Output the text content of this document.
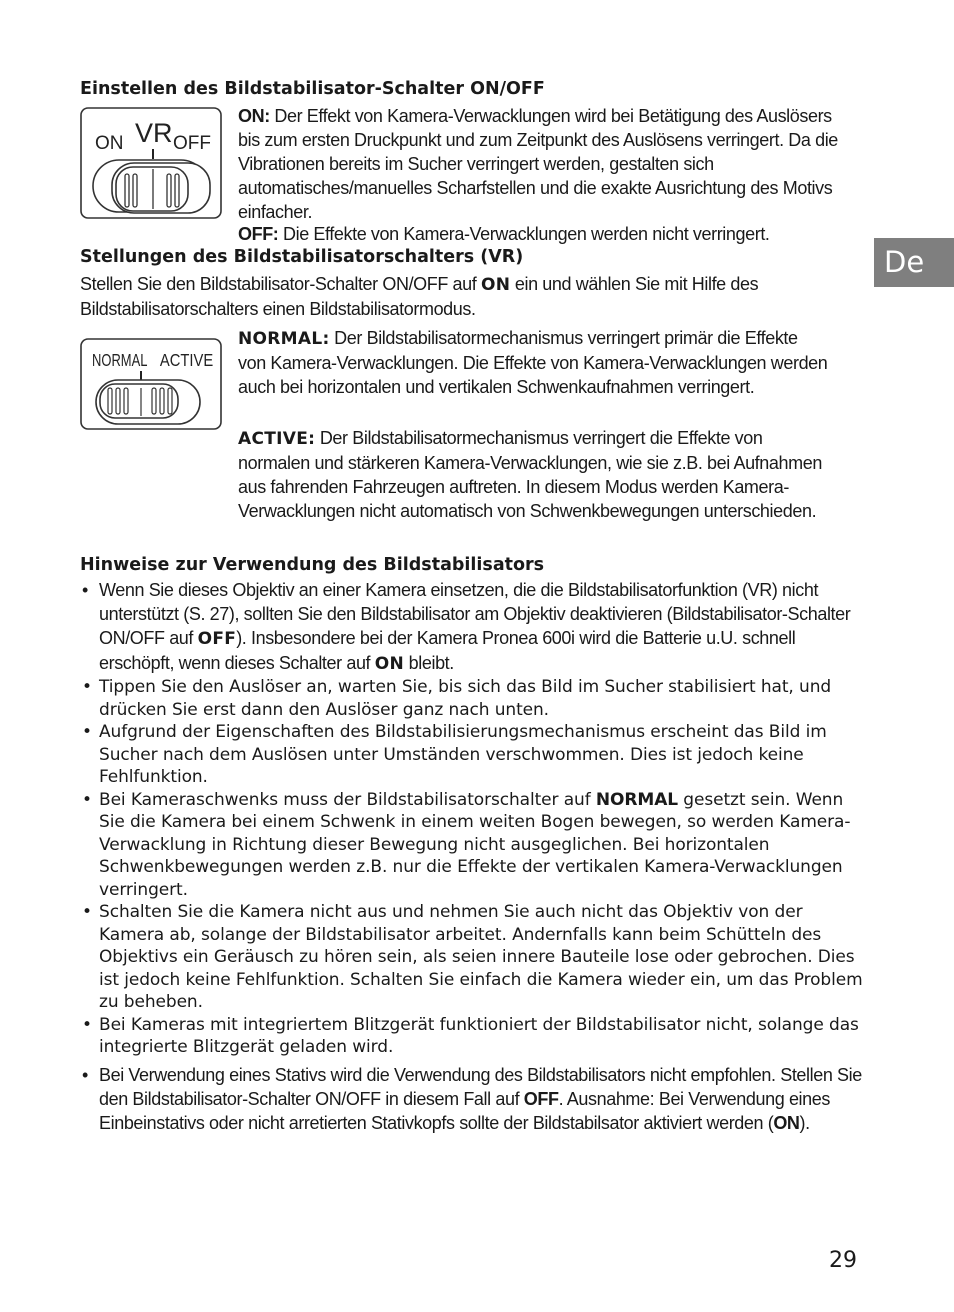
Einstellen des Bildstabilisator-Schalter ON/OFF
ON VR OFF

ON: Der Effekt von Kamera-Verwacklungen wird bei Betätigung des Auslösers bis zum ersten Druckpunkt und zum Zeitpunkt des Auslösens verringert. Da die Vibrationen bereits im Sucher verringert werden, gestalten sich automatisches/manuelles Scharfstellen und die exakte Ausrichtung des Motivs einfacher.

OFF: Die Effekte von Kamera-Verwacklungen werden nicht verringert.

De
Stellungen des Bildstabilisatorschalters (VR)

Stellen Sie den Bildstabilisator-Schalter ON/OFF auf ON ein und wählen Sie mit Hilfe des Bildstabilisatorschalters einen Bildstabilisatormodus.

NORMAL ACTIVE

NORMAL: Der Bildstabilisatormechanismus verringert primär die Effekte von Kamera-Verwacklungen. Die Effekte von Kamera-Verwacklungen werden auch bei horizontalen und vertikalen Schwenkaufnahmen verringert.

ACTIVE: Der Bildstabilisatormechanismus verringert die Effekte von normalen und stärkeren Kamera-Verwacklungen, wie sie z.B. bei Aufnahmen aus fahrenden Fahrzeugen auftreten. In diesem Modus werden Kamera-Verwacklungen nicht automatisch von Schwenkbewegungen unterschieden.

Hinweise zur Verwendung des Bildstabilisators
• Wenn Sie dieses Objektiv an einer Kamera einsetzen, die die Bildstabilisatorfunktion (VR) nicht unterstützt (S. 27), sollten Sie den Bildstabilisator am Objektiv deaktivieren (Bildstabilisator-Schalter ON/OFF auf OFF). Insbesondere bei der Kamera Pronea 600i wird die Batterie u.U. schnell erschöpft, wenn dieses Schalter auf ON bleibt.
• Tippen Sie den Auslöser an, warten Sie, bis sich das Bild im Sucher stabilisiert hat, und drücken Sie erst dann den Auslöser ganz nach unten.
• Aufgrund der Eigenschaften des Bildstabilisierungsmechanismus erscheint das Bild im Sucher nach dem Auslösen unter Umständen verschwommen. Dies ist jedoch keine Fehlfunktion.
• Bei Kameraschwenks muss der Bildstabilisatorschalter auf NORMAL gesetzt sein. Wenn Sie die Kamera bei einem Schwenk in einem weiten Bogen bewegen, so werden Kamera-Verwacklung in Richtung dieser Bewegung nicht ausgeglichen. Bei horizontalen Schwenkbewegungen werden z.B. nur die Effekte der vertikalen Kamera-Verwacklungen verringert.
• Schalten Sie die Kamera nicht aus und nehmen Sie auch nicht das Objektiv von der Kamera ab, solange der Bildstabilisator arbeitet. Andernfalls kann beim Schütteln des Objektivs ein Geräusch zu hören sein, als seien innere Bauteile lose oder gebrochen. Dies ist jedoch keine Fehlfunktion. Schalten Sie einfach die Kamera wieder ein, um das Problem zu beheben.
• Bei Kameras mit integriertem Blitzgerät funktioniert der Bildstabilisator nicht, solange das integrierte Blitzgerät geladen wird.
• Bei Verwendung eines Stativs wird die Verwendung des Bildstabilisators nicht empfohlen. Stellen Sie den Bildstabilisator-Schalter ON/OFF in diesem Fall auf OFF. Ausnahme: Bei Verwendung eines Einbeinstativs oder nicht arretierten Stativkopfs sollte der Bildstabilsator aktiviert werden (ON).
29
